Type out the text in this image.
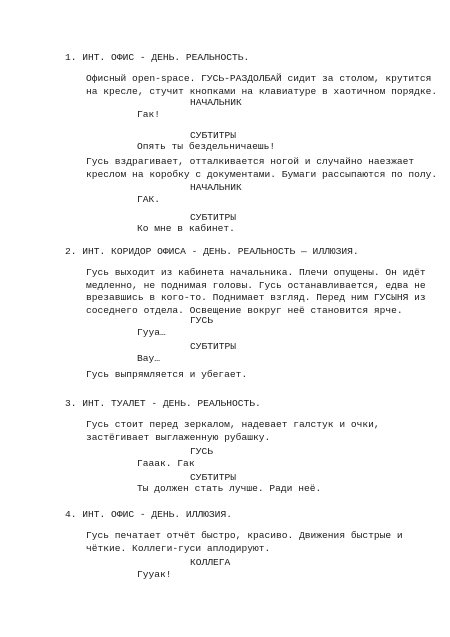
1. ИНТ. ОФИС - ДЕНЬ. РЕАЛЬНОСТЬ.
Офисный open-space. ГУСЬ-РАЗДОЛБАЙ сидит за столом, крутится
на кресле, стучит кнопками на клавиатуре в хаотичном порядке.
НАЧАЛЬНИК
Гак!
СУБТИТРЫ
Опять ты бездельничаешь!
Гусь вздрагивает, отталкивается ногой и случайно наезжает
креслом на коробку с документами. Бумаги рассыпаются по полу.
НАЧАЛЬНИК
ГАК.
СУБТИТРЫ
Ко мне в кабинет.
2. ИНТ. КОРИДОР ОФИСА - ДЕНЬ. РЕАЛЬНОСТЬ — ИЛЛЮЗИЯ.
Гусь выходит из кабинета начальника. Плечи опущены. Он идёт
медленно, не поднимая головы. Гусь останавливается, едва не
врезавшись в кого-то. Поднимает взгляд. Перед ним ГУСЫНЯ из
соседнего отдела. Освещение вокруг неё становится ярче.
ГУСЬ
Гууа…
СУБТИТРЫ
Вау…
Гусь выпрямляется и убегает.
3. ИНТ. ТУАЛЕТ - ДЕНЬ. РЕАЛЬНОСТЬ.
Гусь стоит перед зеркалом, надевает галстук и очки,
застёгивает выглаженную рубашку.
ГУСЬ
Гааак. Гак
СУБТИТРЫ
Ты должен стать лучше. Ради неё.
4. ИНТ. ОФИС - ДЕНЬ. ИЛЛЮЗИЯ.
Гусь печатает отчёт быстро, красиво. Движения быстрые и
чёткие. Коллеги-гуси аплодируют.
КОЛЛЕГА
Гууак!
